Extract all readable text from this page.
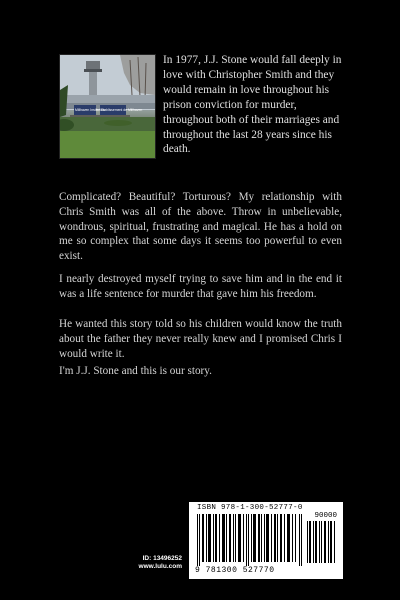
Millhaven Institution
Etablissement de Millhaven
In 1977, J.J. Stone would fall deeply in love with Christopher Smith and they would remain in love throughout his prison conviction for murder, throughout both of their marriages and throughout the last 28 years since his death.

Complicated? Beautiful? Torturous? My relationship with Chris Smith was all of the above. Throw in unbelievable, wondrous, spiritual, frustrating and magical. He has a hold on me so complex that some days it seems too powerful to even exist.

I nearly destroyed myself trying to save him and in the end it was a life sentence for murder that gave him his freedom.

He wanted this story told so his children would know the truth about the father they never really knew and I promised Chris I would write it.

I'm J.J. Stone and this is our story.

ID: 13496252
www.lulu.com
ISBN 978-1-300-52777-0
90000
9 781300 527770
